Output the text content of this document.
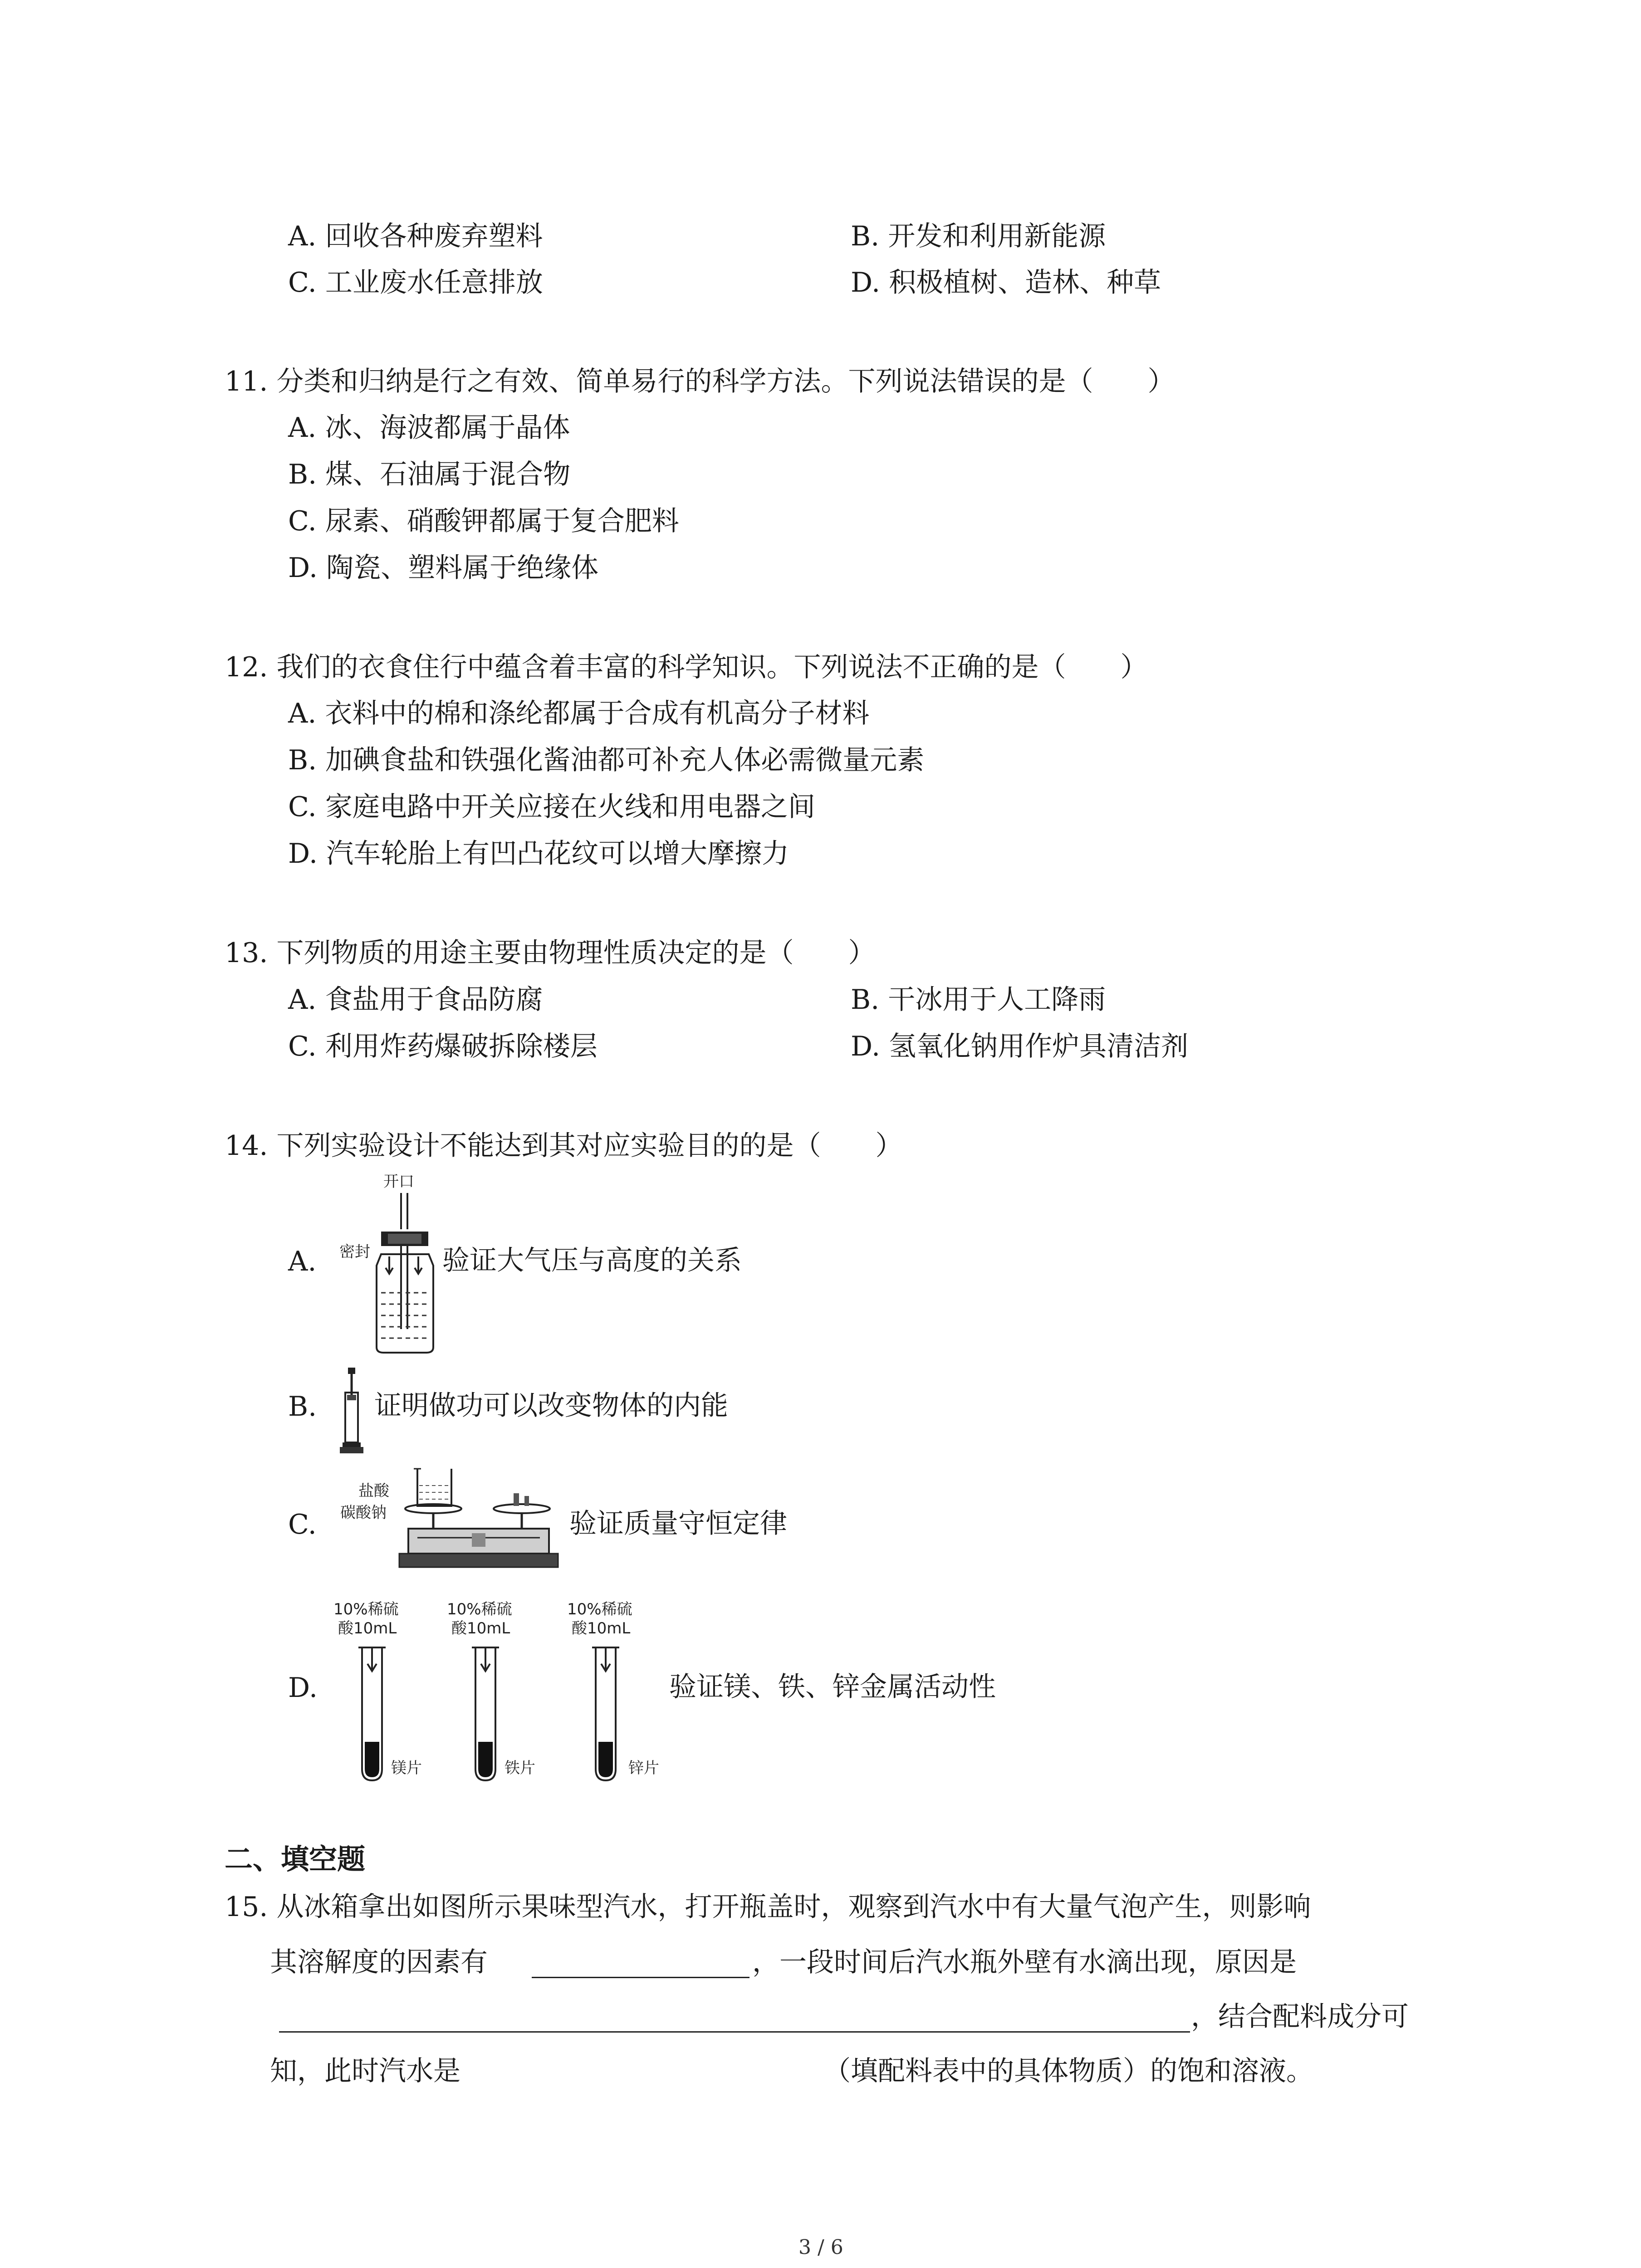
A. 回收各种废弃塑料	B. 开发和利用新能源
C. 工业废水任意排放	D. 积极植树、造林、种草
11. 分类和归纳是行之有效、简单易行的科学方法。下列说法错误的是（　　）
A. 冰、海波都属于晶体
B. 煤、石油属于混合物
C. 尿素、硝酸钾都属于复合肥料
D. 陶瓷、塑料属于绝缘体
12. 我们的衣食住行中蕴含着丰富的科学知识。下列说法不正确的是（　　）
A. 衣料中的棉和涤纶都属于合成有机高分子材料
B. 加碘食盐和铁强化酱油都可补充人体必需微量元素
C. 家庭电路中开关应接在火线和用电器之间
D. 汽车轮胎上有凹凸花纹可以增大摩擦力
13. 下列物质的用途主要由物理性质决定的是（　　）
A. 食盐用于食品防腐	B. 干冰用于人工降雨
C. 利用炸药爆破拆除楼层	D. 氢氧化钠用作炉具清洁剂
14. 下列实验设计不能达到其对应实验目的的是（　　）
A.
开口
密封	验证大气压与高度的关系
B. 证明做功可以改变物体的内能
C.
盐酸
碳酸钠	验证质量守恒定律
D.
10%稀硫
酸10mL
10%稀硫
酸10mL
10%稀硫
酸10mL
镁片	铁片	锌片
验证镁、铁、锌金属活动性
二、填空题
15. 从冰箱拿出如图所示果味型汽水，打开瓶盖时，观察到汽水中有大量气泡产生，则影响
其溶解度的因素有	，一段时间后汽水瓶外壁有水滴出现，原因是
，结合配料成分可
知，此时汽水是	（填配料表中的具体物质）的饱和溶液。
3 / 6
